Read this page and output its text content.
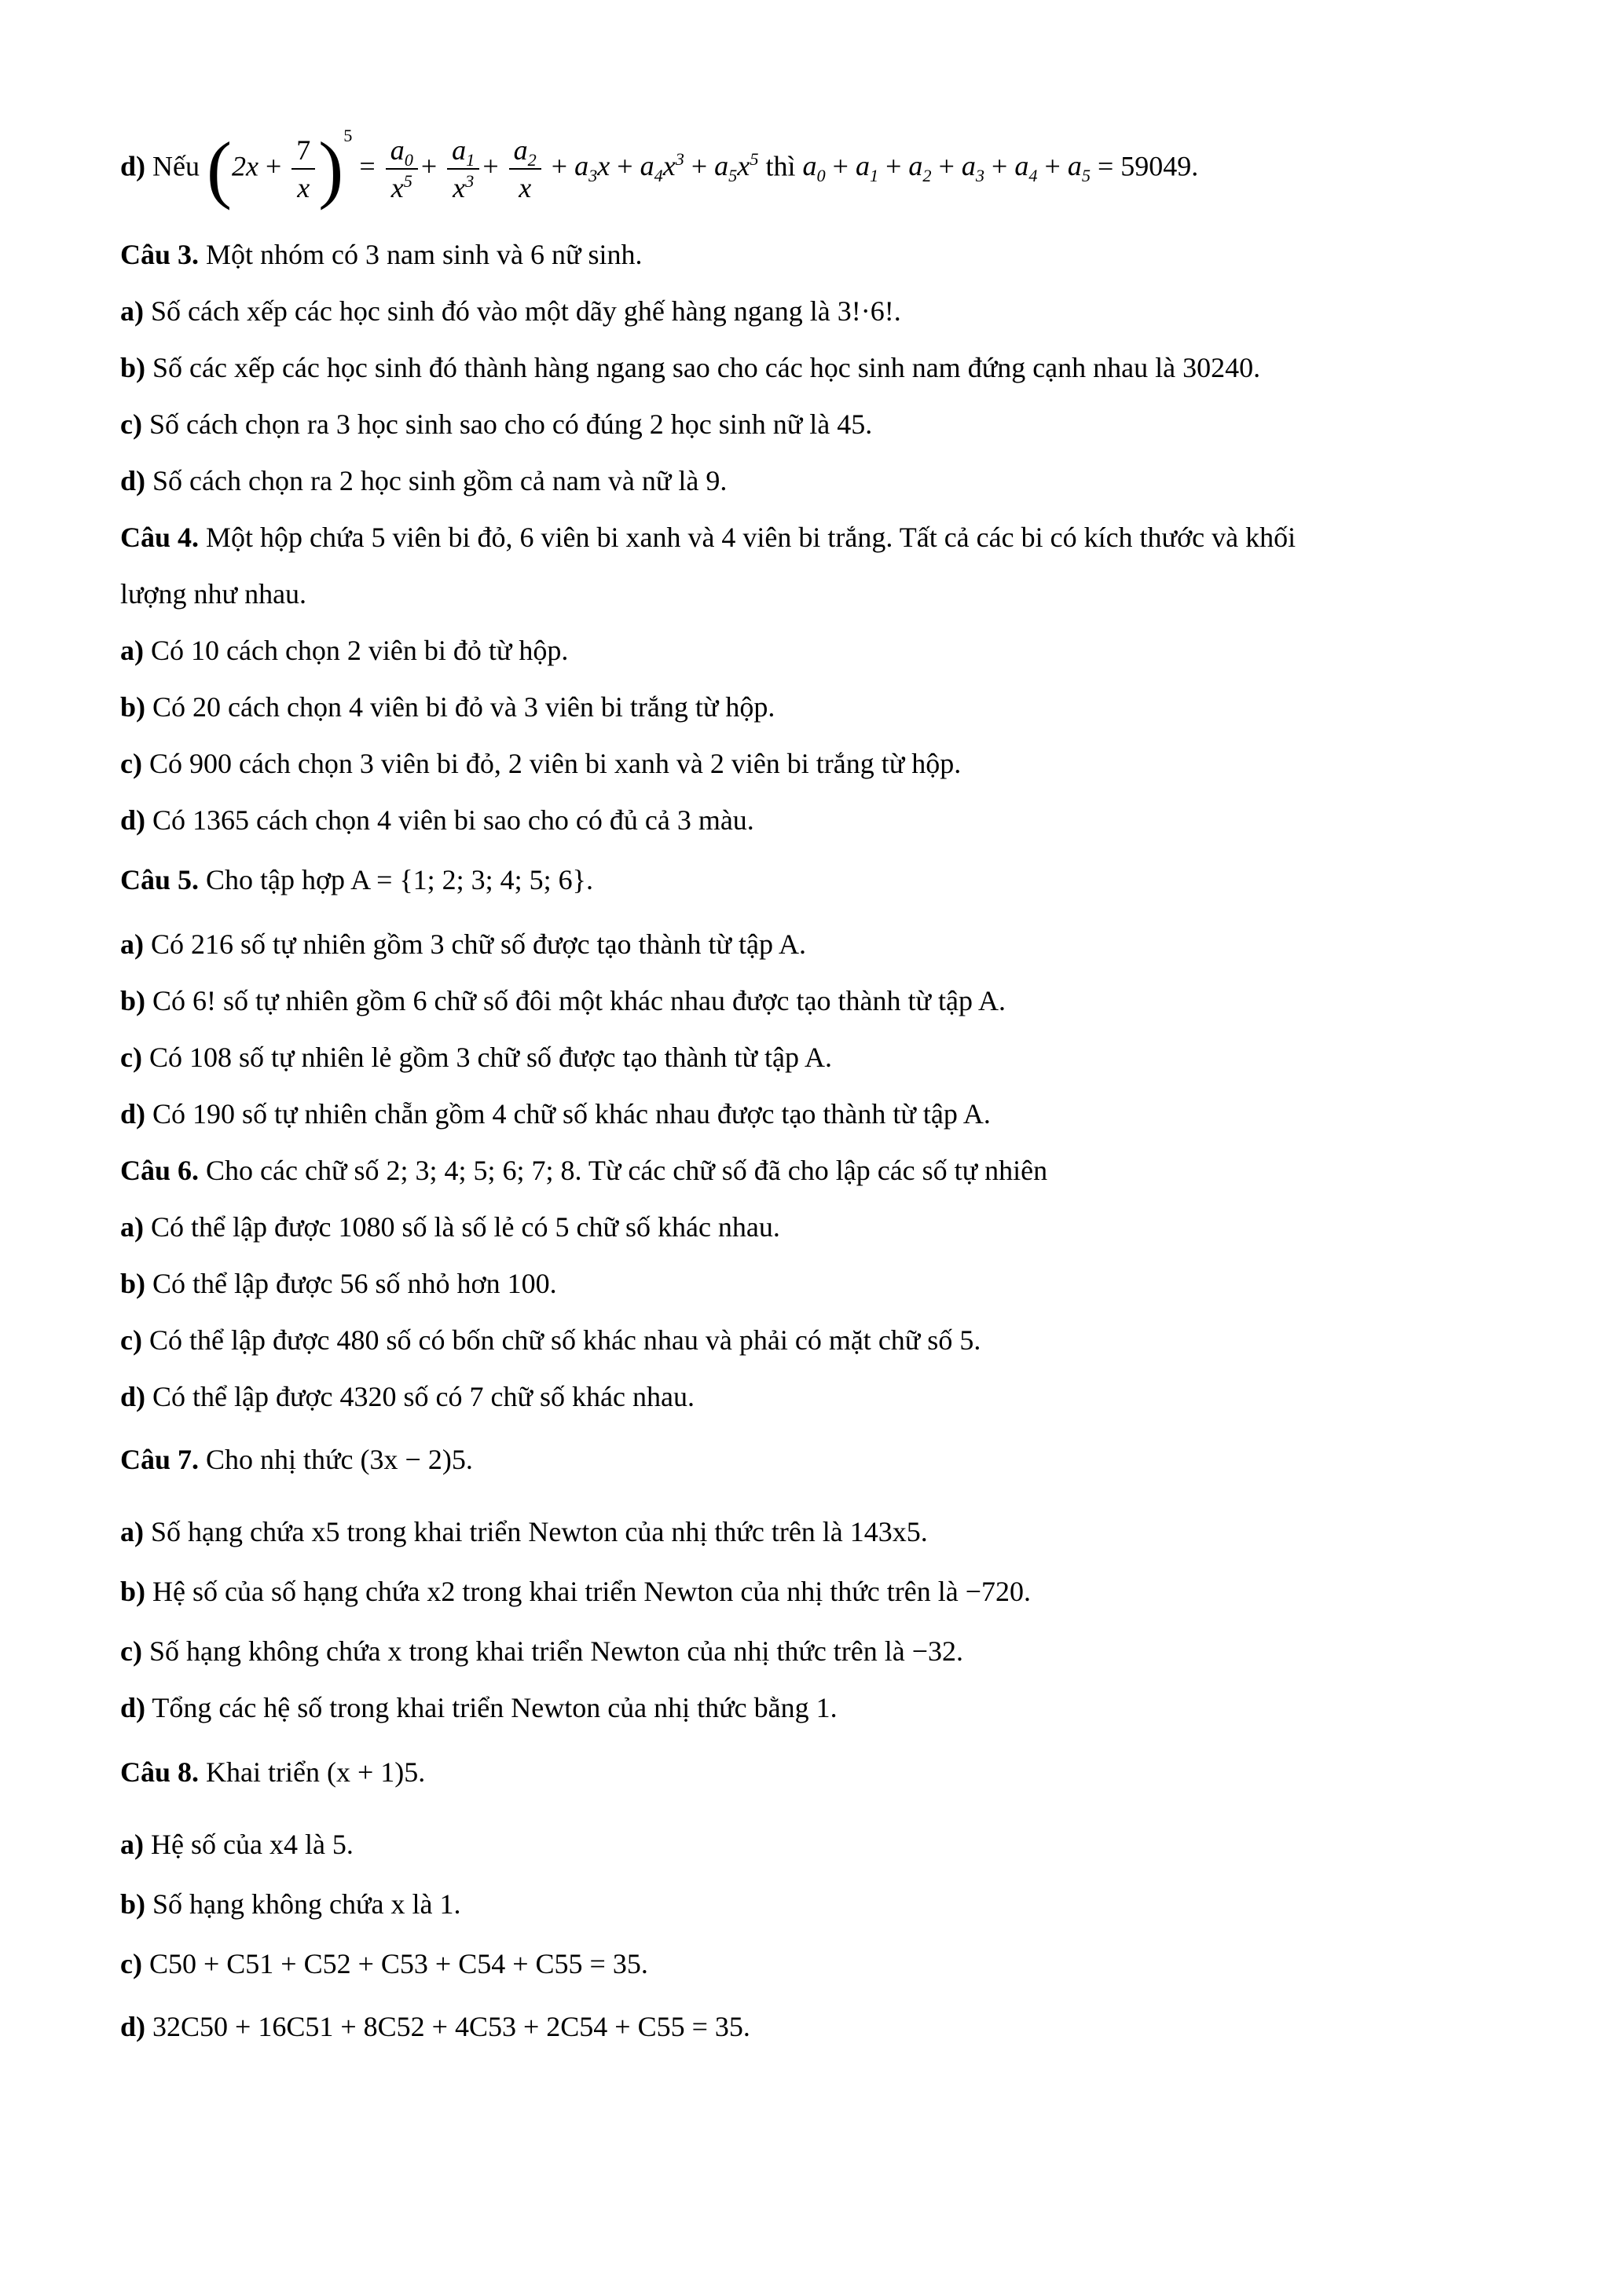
d) Nếu $(2x + \frac{7}{x} )^5 = \frac{a_0}{x^5} + \frac{a_1}{x^3} + \frac{a_2}{x} + a_3x + a_4x^3 + a_5x^5$ thì $a_0 + a_1 + a_2 + a_3 + a_4 + a_5 = 59049$.
Câu 3. Một nhóm có 3 nam sinh và 6 nữ sinh.
a) Số cách xếp các học sinh đó vào một dãy ghế hàng ngang là 3!·6!.
b) Số các xếp các học sinh đó thành hàng ngang sao cho các học sinh nam đứng cạnh nhau là 30240.
c) Số cách chọn ra 3 học sinh sao cho có đúng 2 học sinh nữ là 45.
d) Số cách chọn ra 2 học sinh gồm cả nam và nữ là 9.
Câu 4. Một hộp chứa 5 viên bi đỏ, 6 viên bi xanh và 4 viên bi trắng. Tất cả các bi có kích thước và khối
lượng như nhau.
a) Có 10 cách chọn 2 viên bi đỏ từ hộp.
b) Có 20 cách chọn 4 viên bi đỏ và 3 viên bi trắng từ hộp.
c) Có 900 cách chọn 3 viên bi đỏ, 2 viên bi xanh và 2 viên bi trắng từ hộp.
d) Có 1365 cách chọn 4 viên bi sao cho có đủ cả 3 màu.
Câu 5. Cho tập hợp A = {1; 2; 3; 4; 5; 6}.
a) Có 216 số tự nhiên gồm 3 chữ số được tạo thành từ tập A.
b) Có 6! số tự nhiên gồm 6 chữ số đôi một khác nhau được tạo thành từ tập A.
c) Có 108 số tự nhiên lẻ gồm 3 chữ số được tạo thành từ tập A.
d) Có 190 số tự nhiên chẵn gồm 4 chữ số khác nhau được tạo thành từ tập A.
Câu 6. Cho các chữ số 2; 3; 4; 5; 6; 7; 8. Từ các chữ số đã cho lập các số tự nhiên
a) Có thể lập được 1080 số là số lẻ có 5 chữ số khác nhau.
b) Có thể lập được 56 số nhỏ hơn 100.
c) Có thể lập được 480 số có bốn chữ số khác nhau và phải có mặt chữ số 5.
d) Có thể lập được 4320 số có 7 chữ số khác nhau.
Câu 7. Cho nhị thức (3x − 2)5.
a) Số hạng chứa x5 trong khai triển Newton của nhị thức trên là 143x5.
b) Hệ số của số hạng chứa x2 trong khai triển Newton của nhị thức trên là −720.
c) Số hạng không chứa x trong khai triển Newton của nhị thức trên là −32.
d) Tổng các hệ số trong khai triển Newton của nhị thức bằng 1.
Câu 8. Khai triển (x + 1)5.
a) Hệ số của x4 là 5.
b) Số hạng không chứa x là 1.
c) C50 + C51 + C52 + C53 + C54 + C55 = 35.
d) 32C50 + 16C51 + 8C52 + 4C53 + 2C54 + C55 = 35.
